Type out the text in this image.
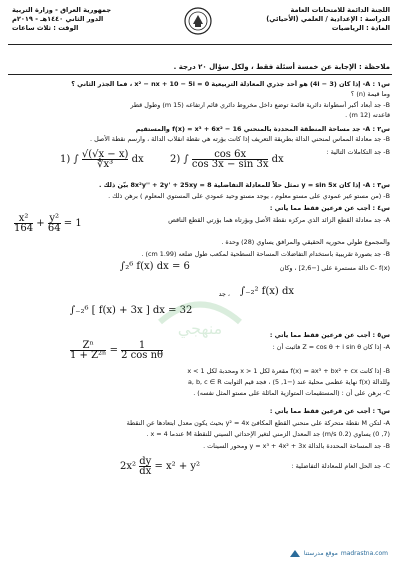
اللجنة الدائمة للامتحانات العامة
الدراسة : الإعدادية / العلمي (الأحيائي)
المادة : الرياضيات
جمهورية العراق - وزارة التربية
الدور الثاني ١٤٤٠هـ - ٢٠١٩م
الوقت : ثلاث ساعات
ملاحظة : الإجابة عن خمسة أسئلة فقط ، ولكل سؤال ٢٠ درجة .
س١ : A- إذا كان (3 − 4i) هو أحد جذري المعادلة التربيعية x² − nx + 10 − 5i = 0 ، فما الجذر الثاني ؟
وما قيمة (n) ؟
B- جد أبعاد أكبر أسطوانة دائرية قائمة توضع داخل مخروط دائري قائم ارتفاعه (15 m) وطول قطر
قاعدته (12 m) .
س٢ : A- جد مساحة المنطقة المحددة بالمنحني f(x) = x³ + 6x² − 16 والمستقيم
B- جد معادلة المماس لمنحني الدالة بطريقة التعريف إذا كانت بؤرته هي نقطة انقلاب الدالة ، وارسم نقطة الأصل .
B- جد التكاملات التالية :
1) ∫ $\frac{√(√x - x)}{\text{∜x³}}$ dx	2) ∫ $\frac{\cos 6x}{\cos 3x - \sin 3x}$ dx
س٣ : A- إذا كان y = sin 5x تمثل حلاً للمعادلة التفاضلية 8x²y'' + 2y' + 25xy = 8 بيّن ذلك .
B- (من مستو غير عمودي على مستوٍ معلوم ، يوجد مستوٍ وحيد عمودي على المستوي المعلوم ) برهن ذلك .
س٤ : أجب عن فرعين فقط مما يأتي :
A- جد معادلة القطع الزائد الذي مركزه نقطة الأصل وبؤرتاه هما بؤرتي القطع الناقص
$\frac{\text{x²}}{164} + \frac{\text{y²}}{64} = 1$
والمجموع طولي محوريه الحقيقي والمرافق يساوي (28) وحدة .
B- جد بصورة تقريبية باستخدام التفاضلات المساحة السطحية لمكعب طول ضلعه (1.99 cm) .
C- f(x) دالة مستمرة على [−2,6] ، وكان
∫₂⁶ f(x) dx = 6
∫₋₂² f(x) dx
، جد
∫₋₂⁶ [ f(x) + 3x ] dx = 32
س٥ : أجب عن فرعين فقط مما يأتي :
A- إذا كان Z = cos θ + i sin θ فاثبت أن :
$\frac{\text{Zⁿ}}{\text{1 + Z²ⁿ}} = \frac{1}{\text{2 cos nθ}}$
B- إذا كانت f(x) = ax³ + bx² + cx مقعرة لكل x > 1 ومحدبة لكل x < 1
وللدالة f(x) نهاية عظمى محلية عند (−1, 5) ، فجد قيم الثوابت a, b, c ∈ R
C- برهن على أن : (المستقيمات المتوازية المائلة على مستوٍ المثل نفسه) .
منهجي
س٦ : أجب عن فرعين فقط مما يأتي :
A- لتكن M نقطة متحركة على منحني القطع المكافئ y² = 4x بحيث يكون معدل ابتعادها عن النقطة
(7, 0) يساوي (0.2 m/s) جد المعدل الزمني لتغير الإحداثي السيني للنقطة M عندما x = 4 .
B- جد المساحة المحددة بالدالة y = x³ + 4x² + 3x ومحور السينات .
C- جد الحل العام للمعادلة التفاضلية :
$2x^2 \frac{dy}{dx} = x^2 + y^2$
موقع مدرستنا madrastna.com
